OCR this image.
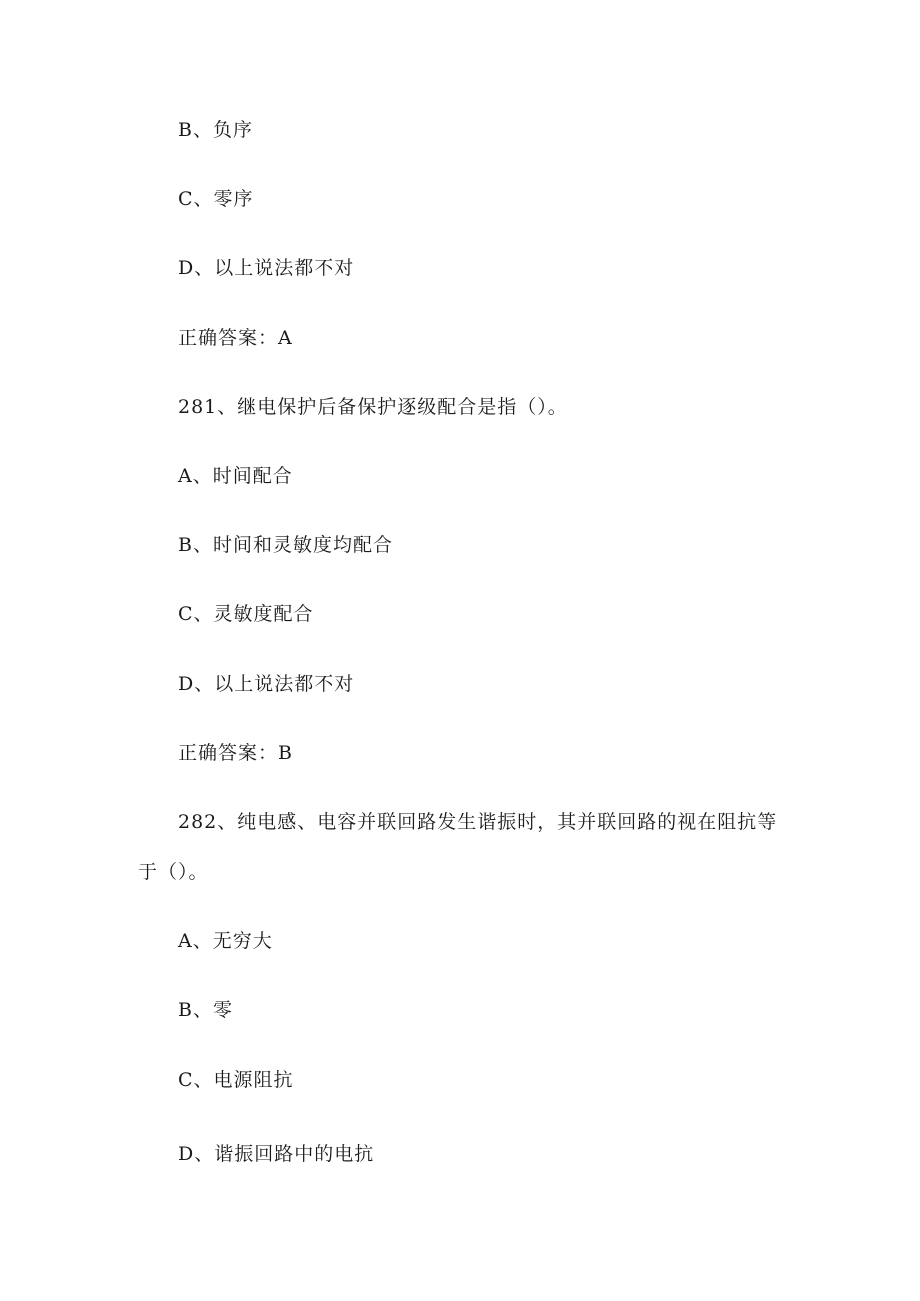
B、负序
C、零序
D、以上说法都不对
正确答案：A
281、继电保护后备保护逐级配合是指（）。
A、时间配合
B、时间和灵敏度均配合
C、灵敏度配合
D、以上说法都不对
正确答案：B
282、纯电感、电容并联回路发生谐振时，其并联回路的视在阻抗等
于（）。
A、无穷大
B、零
C、电源阻抗
D、谐振回路中的电抗
